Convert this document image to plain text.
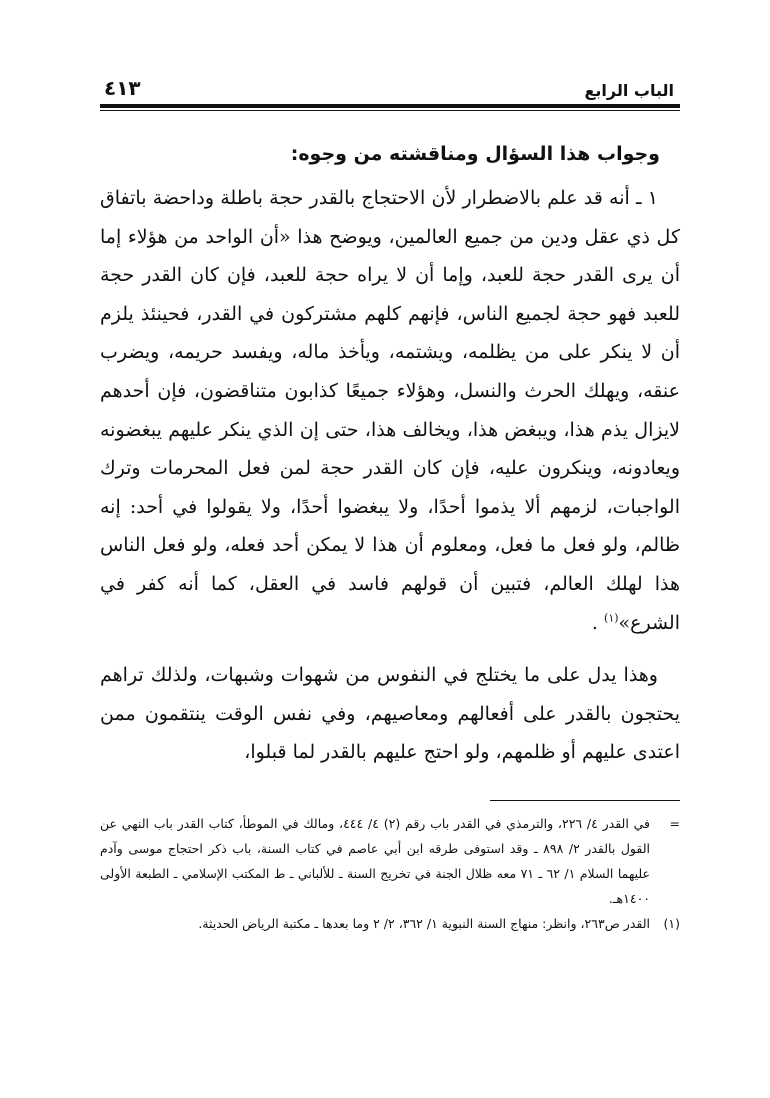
الباب الرابع
٤١٣
وجواب هذا السؤال ومناقشته من وجوه:

١ ـ أنه قد علم بالاضطرار لأن الاحتجاج بالقدر حجة باطلة وداحضة باتفاق كل ذي عقل ودين من جميع العالمين، ويوضح هذا «أن الواحد من هؤلاء إما أن يرى القدر حجة للعبد، وإما أن لا يراه حجة للعبد، فإن كان القدر حجة للعبد فهو حجة لجميع الناس، فإنهم كلهم مشتركون في القدر، فحينئذ يلزم أن لا ينكر على من يظلمه، ويشتمه، ويأخذ ماله، ويفسد حريمه، ويضرب عنقه، ويهلك الحرث والنسل، وهؤلاء جميعًا كذابون متناقضون، فإن أحدهم لايزال يذم هذا، ويبغض هذا، ويخالف هذا، حتى إن الذي ينكر عليهم يبغضونه ويعادونه، وينكرون عليه، فإن كان القدر حجة لمن فعل المحرمات وترك الواجبات، لزمهم ألا يذموا أحدًا، ولا يبغضوا أحدًا، ولا يقولوا في أحد: إنه ظالم، ولو فعل ما فعل، ومعلوم أن هذا لا يمكن أحد فعله، ولو فعل الناس هذا لهلك العالم، فتبين أن قولهم فاسد في العقل، كما أنه كفر في الشرع»$^{(١)}$ .

وهذا يدل على ما يختلج في النفوس من شهوات وشبهات، ولذلك تراهم يحتجون بالقدر على أفعالهم ومعاصيهم، وفي نفس الوقت ينتقمون ممن اعتدى عليهم أو ظلمهم، ولو احتج عليهم بالقدر لما قبلوا،

=
في القدر ٤/ ٢٢٦، والترمذي في القدر باب رقم (٢) ٤/ ٤٤٤، ومالك في الموطأ، كتاب القدر باب النهي عن القول بالقدر ٢/ ٨٩٨ ـ وقد استوفى طرقه ابن أبي عاصم في كتاب السنة، باب ذكر احتجاج موسى وآدم عليهما السلام ١/ ٦٢ ـ ٧١ معه ظلال الجنة في تخريج السنة ـ للألباني ـ ط المكتب الإسلامي ـ الطبعة الأولى ١٤٠٠هـ.
(١)
القدر ص٢٦٣، وانظر: منهاج السنة النبوية ١/ ٣٦٢، ٢/ ٢ وما بعدها ـ مكتبة الرياض الحديثة.
